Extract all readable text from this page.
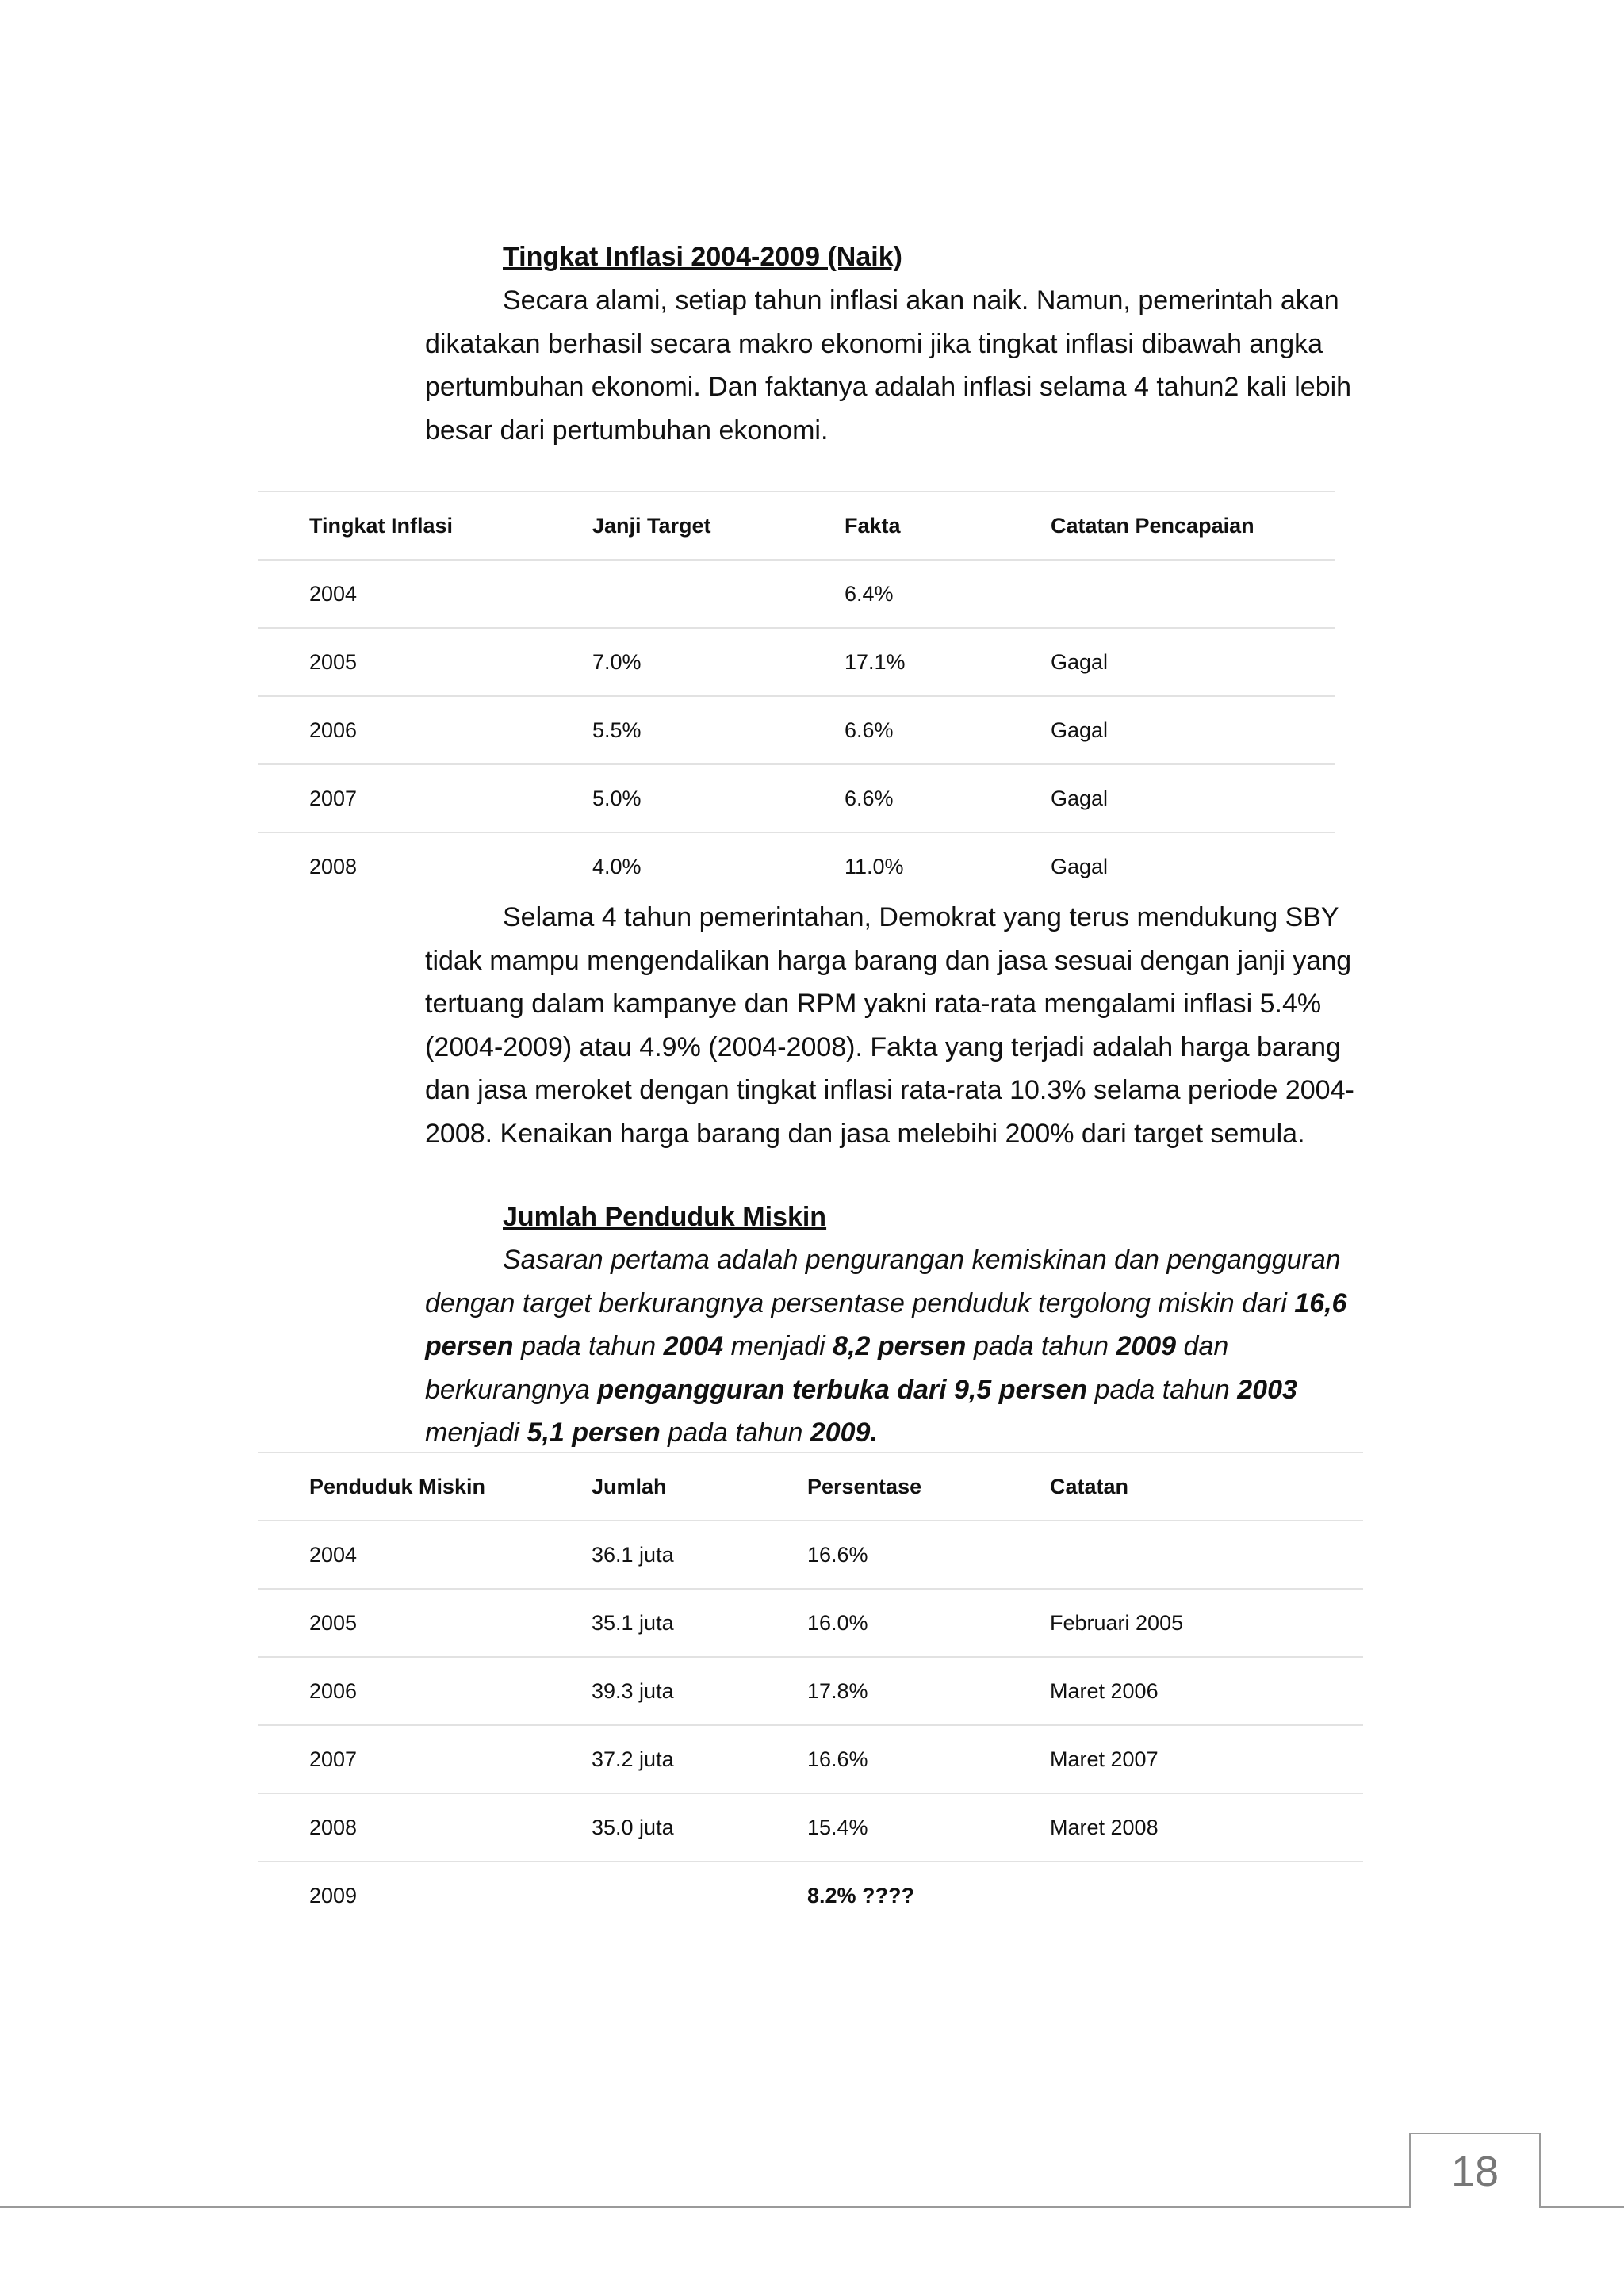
Tingkat Inflasi 2004-2009 (Naik)

Secara alami, setiap tahun inflasi akan naik. Namun, pemerintah akan dikatakan berhasil secara makro ekonomi jika tingkat inflasi dibawah angka pertumbuhan ekonomi. Dan faktanya adalah inflasi selama 4 tahun2 kali lebih besar dari pertumbuhan ekonomi.

Tingkat Inflasi	Janji Target	Fakta	Catatan Pencapaian
2004		6.4%	
2005	7.0%	17.1%	Gagal
2006	5.5%	6.6%	Gagal
2007	5.0%	6.6%	Gagal
2008	4.0%	11.0%	Gagal

Selama 4 tahun pemerintahan, Demokrat yang terus mendukung SBY tidak mampu mengendalikan harga barang dan jasa sesuai dengan janji yang tertuang dalam kampanye dan RPM yakni rata-rata mengalami inflasi 5.4% (2004-2009) atau 4.9% (2004-2008). Fakta yang terjadi adalah harga barang dan jasa meroket dengan tingkat inflasi rata-rata 10.3% selama periode 2004-2008. Kenaikan harga barang dan jasa melebihi 200% dari target semula.

Jumlah Penduduk Miskin

Sasaran pertama adalah pengurangan kemiskinan dan pengangguran dengan target berkurangnya persentase penduduk tergolong miskin dari 16,6 persen pada tahun 2004 menjadi 8,2 persen pada tahun 2009 dan berkurangnya pengangguran terbuka dari 9,5 persen pada tahun 2003 menjadi 5,1 persen pada tahun 2009.

Penduduk Miskin	Jumlah	Persentase	Catatan
2004	36.1 juta	16.6%	
2005	35.1 juta	16.0%	Februari 2005
2006	39.3 juta	17.8%	Maret 2006
2007	37.2 juta	16.6%	Maret 2007
2008	35.0 juta	15.4%	Maret 2008
2009		8.2% ????	
18
